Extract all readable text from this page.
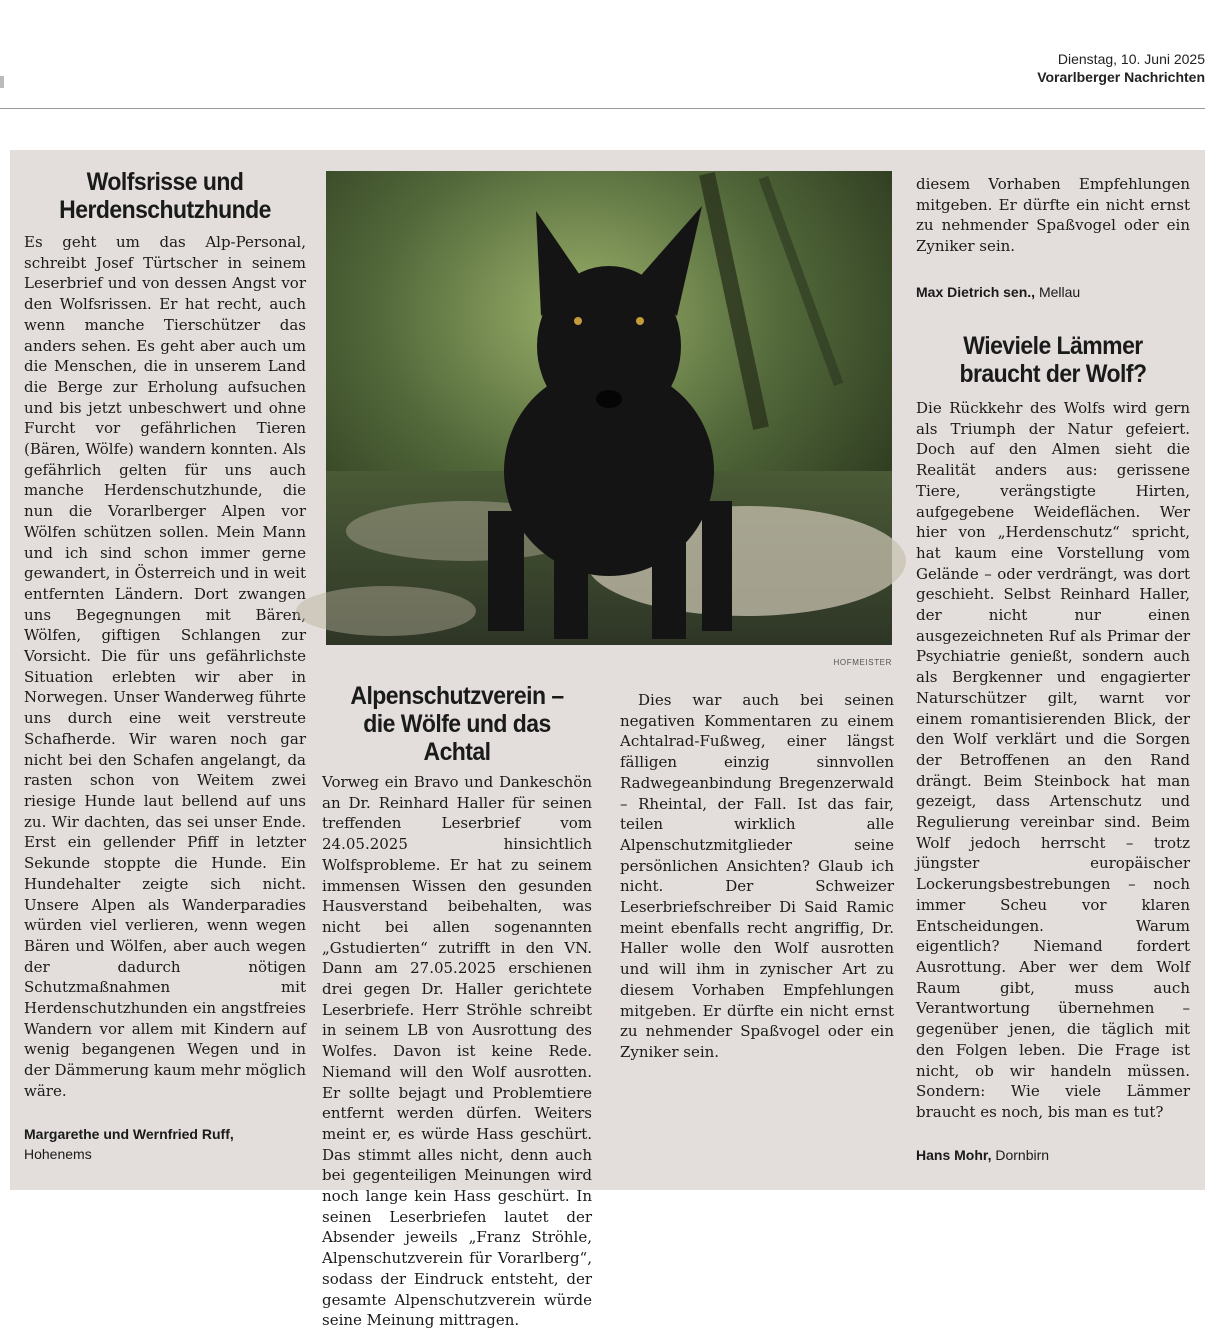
Dienstag, 10. Juni 2025
Vorarlberger Nachrichten
Wolfsrisse und Herdenschutzhunde

Es geht um das Alp-Personal, schreibt Josef Türtscher in seinem Leserbrief und von dessen Angst vor den Wolfsrissen. Er hat recht, auch wenn manche Tierschützer das anders sehen. Es geht aber auch um die Menschen, die in unserem Land die Berge zur Erholung aufsuchen und bis jetzt unbeschwert und ohne Furcht vor gefährlichen Tieren (Bären, Wölfe) wandern konnten. Als gefährlich gelten für uns auch manche Herdenschutzhunde, die nun die Vorarlberger Alpen vor Wölfen schützen sollen. Mein Mann und ich sind schon immer gerne gewandert, in Österreich und in weit entfernten Ländern. Dort zwangen uns Begegnungen mit Bären, Wölfen, giftigen Schlangen zur Vorsicht. Die für uns gefährlichste Situation erlebten wir aber in Norwegen. Unser Wanderweg führte uns durch eine weit verstreute Schafherde. Wir waren noch gar nicht bei den Schafen angelangt, da rasten schon von Weitem zwei riesige Hunde laut bellend auf uns zu. Wir dachten, das sei unser Ende. Erst ein gellender Pfiff in letzter Sekunde stoppte die Hunde. Ein Hundehalter zeigte sich nicht. Unsere Alpen als Wanderparadies würden viel verlieren, wenn wegen Bären und Wölfen, aber auch wegen der dadurch nötigen Schutzmaßnahmen mit Herdenschutzhunden ein angstfreies Wandern vor allem mit Kindern auf wenig begangenen Wegen und in der Dämmerung kaum mehr möglich wäre.

Margarethe und Wernfried Ruff,
Hohenems
HOFMEISTER
Alpenschutzverein – die Wölfe und das Achtal

Vorweg ein Bravo und Dankeschön an Dr. Reinhard Haller für seinen treffenden Leserbrief vom 24.05.2025 hinsichtlich Wolfsprobleme. Er hat zu seinem immensen Wissen den gesunden Hausverstand beibehalten, was nicht bei allen sogenannten „Gstudierten“ zutrifft in den VN. Dann am 27.05.2025 erschienen drei gegen Dr. Haller gerichtete Leserbriefe. Herr Ströhle schreibt in seinem LB von Ausrottung des Wolfes. Davon ist keine Rede. Niemand will den Wolf ausrotten. Er sollte bejagt und Problemtiere entfernt werden dürfen. Weiters meint er, es würde Hass geschürt. Das stimmt alles nicht, denn auch bei gegenteiligen Meinungen wird noch lange kein Hass geschürt. In seinen Leserbriefen lautet der Absender jeweils „Franz Ströhle, Alpenschutzverein für Vorarlberg“, sodass der Eindruck entsteht, der gesamte Alpenschutzverein würde seine Meinung mittragen.

Dies war auch bei seinen negativen Kommentaren zu einem Achtalrad-Fußweg, einer längst fälligen einzig sinnvollen Radwegeanbindung Bregenzerwald – Rheintal, der Fall. Ist das fair, teilen wirklich alle Alpenschutzmitglieder seine persönlichen Ansichten? Glaub ich nicht. Der Schweizer Leserbriefschreiber Di Said Ramic meint ebenfalls recht angriffig, Dr. Haller wolle den Wolf ausrotten und will ihm in zynischer Art zu diesem Vorhaben Empfehlungen mitgeben. Er dürfte ein nicht ernst zu nehmender Spaßvogel oder ein Zyniker sein.

diesem Vorhaben Empfehlungen mitgeben. Er dürfte ein nicht ernst zu nehmender Spaßvogel oder ein Zyniker sein.

Max Dietrich sen., Mellau
Wieviele Lämmer braucht der Wolf?

Die Rückkehr des Wolfs wird gern als Triumph der Natur gefeiert. Doch auf den Almen sieht die Realität anders aus: gerissene Tiere, verängstigte Hirten, aufgegebene Weideflächen. Wer hier von „Herdenschutz“ spricht, hat kaum eine Vorstellung vom Gelände – oder verdrängt, was dort geschieht. Selbst Reinhard Haller, der nicht nur einen ausgezeichneten Ruf als Primar der Psychiatrie genießt, sondern auch als Bergkenner und engagierter Naturschützer gilt, warnt vor einem romantisierenden Blick, der den Wolf verklärt und die Sorgen der Betroffenen an den Rand drängt. Beim Steinbock hat man gezeigt, dass Artenschutz und Regulierung vereinbar sind. Beim Wolf jedoch herrscht – trotz jüngster europäischer Lockerungsbestrebungen – noch immer Scheu vor klaren Entscheidungen. Warum eigentlich? Niemand fordert Ausrottung. Aber wer dem Wolf Raum gibt, muss auch Verantwortung übernehmen – gegenüber jenen, die täglich mit den Folgen leben. Die Frage ist nicht, ob wir handeln müssen. Sondern: Wie viele Lämmer braucht es noch, bis man es tut?

Hans Mohr, Dornbirn
